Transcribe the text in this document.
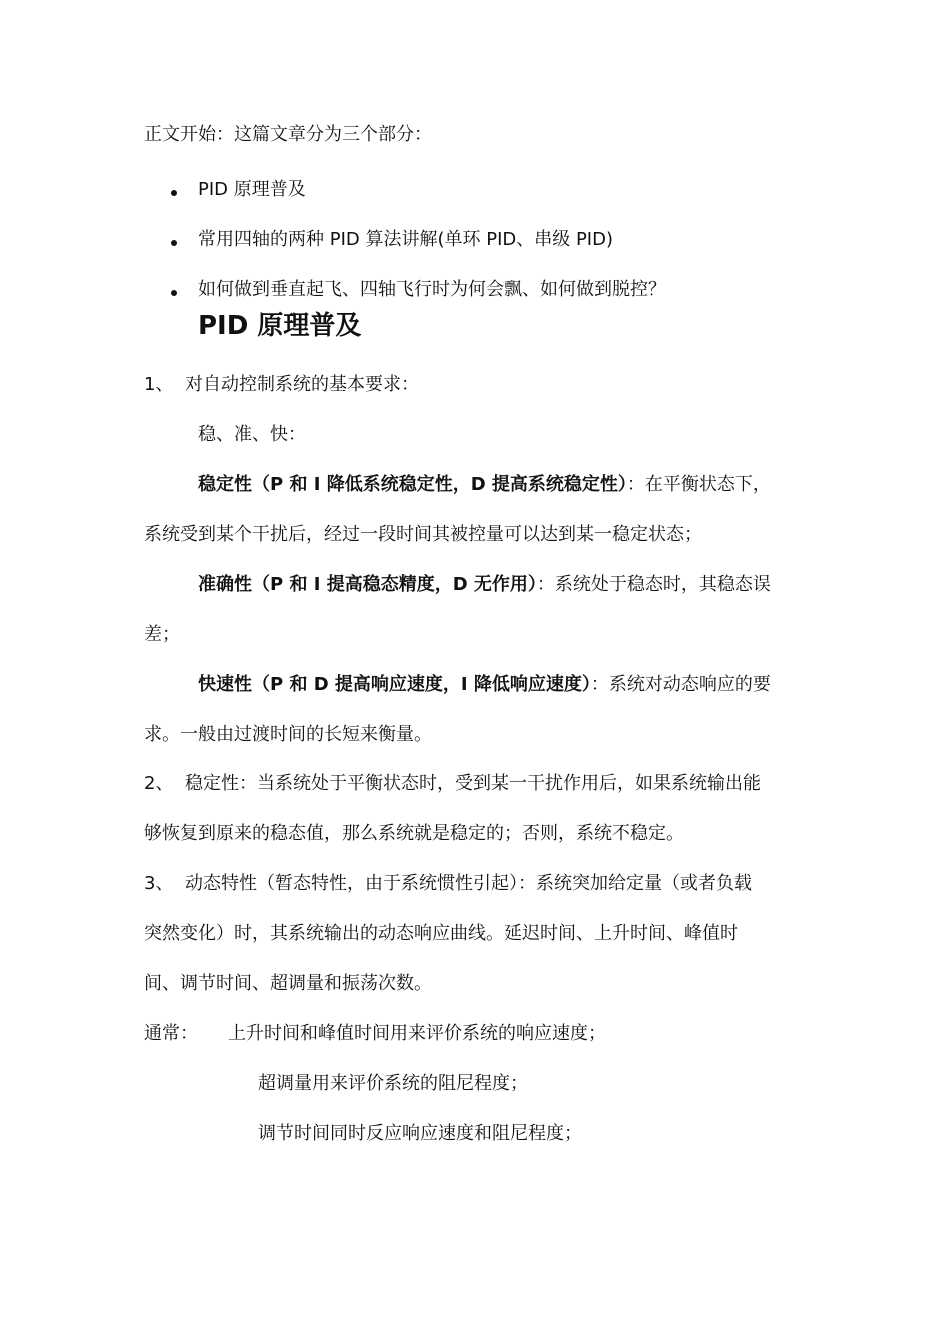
正文开始：这篇文章分为三个部分：
PID 原理普及
常用四轴的两种 PID 算法讲解(单环 PID、串级 PID)
如何做到垂直起飞、四轴飞行时为何会飘、如何做到脱控？
PID 原理普及
1、 对自动控制系统的基本要求：
稳、准、快：
稳定性（P 和 I 降低系统稳定性，D 提高系统稳定性）：在平衡状态下，
系统受到某个干扰后，经过一段时间其被控量可以达到某一稳定状态；
准确性（P 和 I 提高稳态精度，D 无作用）：系统处于稳态时，其稳态误
差；
快速性（P 和 D 提高响应速度，I 降低响应速度）：系统对动态响应的要
求。一般由过渡时间的长短来衡量。
2、 稳定性：当系统处于平衡状态时，受到某一干扰作用后，如果系统输出能
够恢复到原来的稳态值，那么系统就是稳定的；否则，系统不稳定。
3、 动态特性（暂态特性，由于系统惯性引起）：系统突加给定量（或者负载
突然变化）时，其系统输出的动态响应曲线。延迟时间、上升时间、峰值时
间、调节时间、超调量和振荡次数。
通常： 上升时间和峰值时间用来评价系统的响应速度；
超调量用来评价系统的阻尼程度；
调节时间同时反应响应速度和阻尼程度；
